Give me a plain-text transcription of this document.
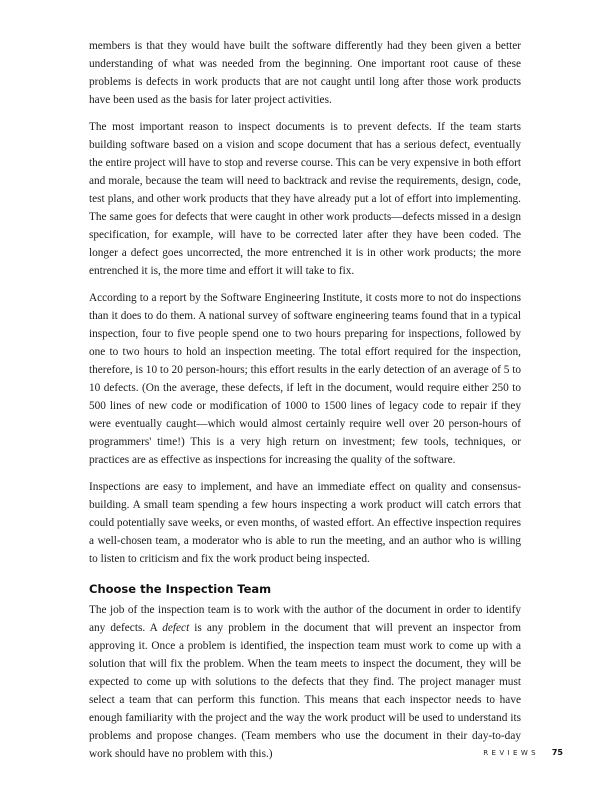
members is that they would have built the software differently had they been given a better understanding of what was needed from the beginning. One important root cause of these problems is defects in work products that are not caught until long after those work products have been used as the basis for later project activities.

The most important reason to inspect documents is to prevent defects. If the team starts building software based on a vision and scope document that has a serious defect, eventually the entire project will have to stop and reverse course. This can be very expensive in both effort and morale, because the team will need to backtrack and revise the requirements, design, code, test plans, and other work products that they have already put a lot of effort into implementing. The same goes for defects that were caught in other work products—defects missed in a design specification, for example, will have to be corrected later after they have been coded. The longer a defect goes uncorrected, the more entrenched it is in other work products; the more entrenched it is, the more time and effort it will take to fix.

According to a report by the Software Engineering Institute, it costs more to not do inspections than it does to do them. A national survey of software engineering teams found that in a typical inspection, four to five people spend one to two hours preparing for inspections, followed by one to two hours to hold an inspection meeting. The total effort required for the inspection, therefore, is 10 to 20 person-hours; this effort results in the early detection of an average of 5 to 10 defects. (On the average, these defects, if left in the document, would require either 250 to 500 lines of new code or modification of 1000 to 1500 lines of legacy code to repair if they were eventually caught—which would almost certainly require well over 20 person-hours of programmers' time!) This is a very high return on investment; few tools, techniques, or practices are as effective as inspections for increasing the quality of the software.

Inspections are easy to implement, and have an immediate effect on quality and consensus-building. A small team spending a few hours inspecting a work product will catch errors that could potentially save weeks, or even months, of wasted effort. An effective inspection requires a well-chosen team, a moderator who is able to run the meeting, and an author who is willing to listen to criticism and fix the work product being inspected.

Choose the Inspection Team

The job of the inspection team is to work with the author of the document in order to identify any defects. A defect is any problem in the document that will prevent an inspector from approving it. Once a problem is identified, the inspection team must work to come up with a solution that will fix the problem. When the team meets to inspect the document, they will be expected to come up with solutions to the defects that they find. The project manager must select a team that can perform this function. This means that each inspector needs to have enough familiarity with the project and the way the work product will be used to understand its problems and propose changes. (Team members who use the document in their day-to-day work should have no problem with this.)	REVIEWS 75
